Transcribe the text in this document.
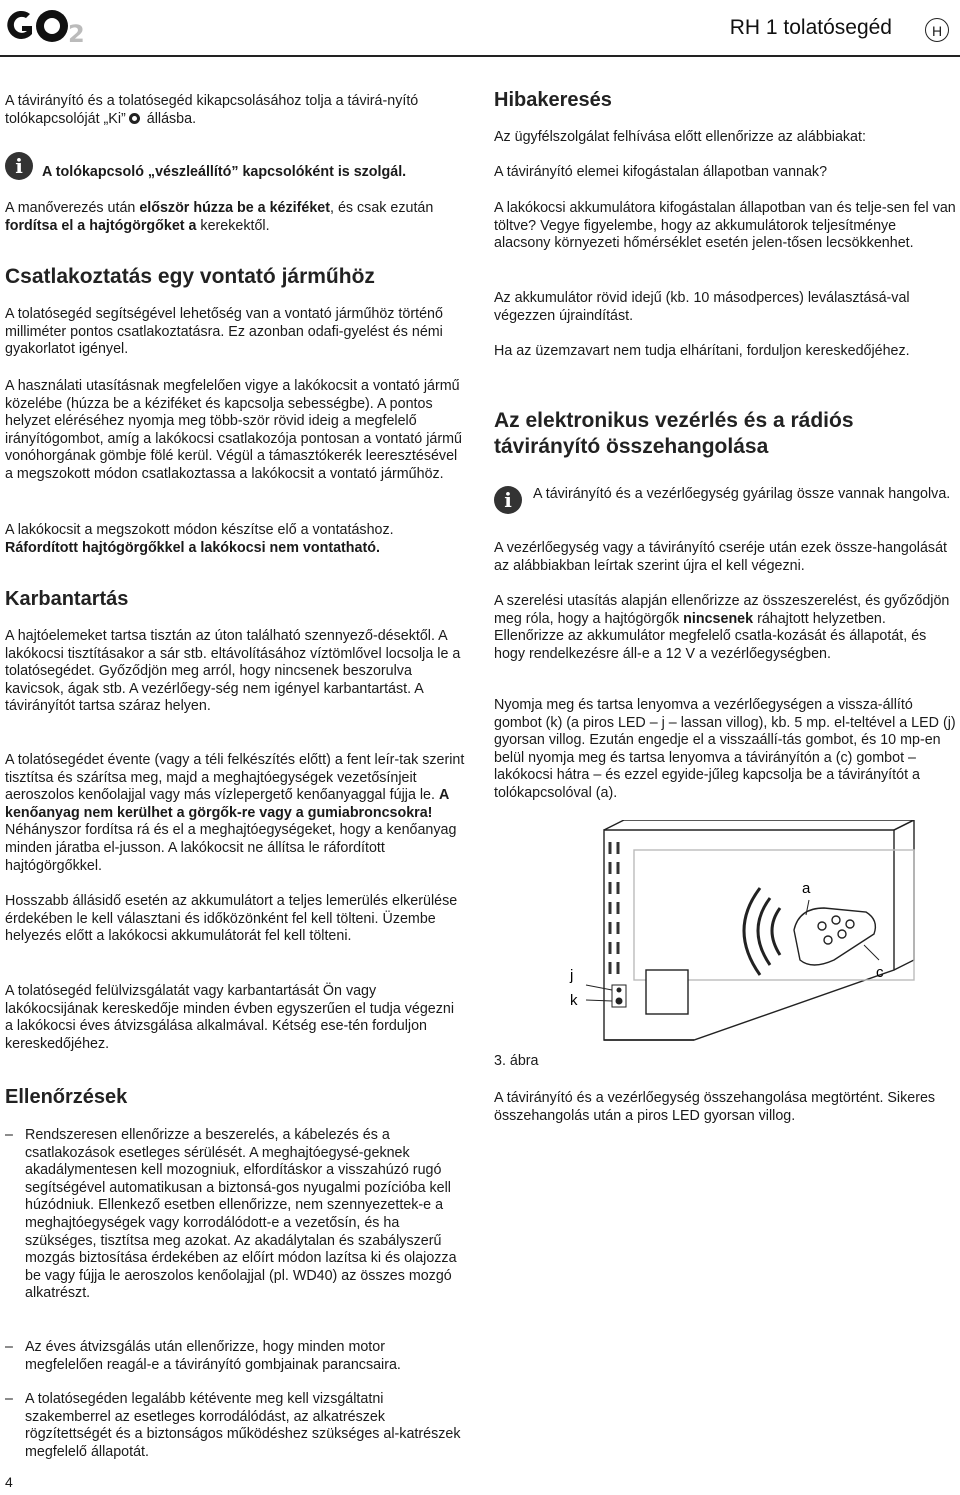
2	RH 1 tolatósegéd	H

A távirányító és a tolatósegéd kikapcsolásához tolja a távirá-nyító tolókapcsolóját „Ki” állásba.

i	A tolókapcsoló „vészleállító” kapcsolóként is szolgál.

A manőverezés után először húzza be a kéziféket, és csak ezután fordítsa el a hajtógörgőket a kerekektől.

Csatlakoztatás egy vontató járműhöz

A tolatósegéd segítségével lehetőség van a vontató járműhöz történő milliméter pontos csatlakoztatásra. Ez azonban odafi-gyelést és némi gyakorlatot igényel.

A használati utasításnak megfelelően vigye a lakókocsit a vontató jármű közelébe (húzza be a kéziféket és kapcsolja sebességbe). A pontos helyzet eléréséhez nyomja meg több-ször rövid ideig a megfelelő irányítógombot, amíg a lakókocsi csatlakozója pontosan a vontató jármű vonóhorgának gömbje fölé kerül. Végül a támasztókerék leeresztésével a megszokott módon csatlakoztassa a lakókocsit a vontató járműhöz.

A lakókocsit a megszokott módon készítse elő a vontatáshoz.
Ráfordított hajtógörgőkkel a lakókocsi nem vontatható.

Karbantartás

A hajtóelemeket tartsa tisztán az úton található szennyező-désektől. A lakókocsi tisztításakor a sár stb. eltávolításához víztömlővel locsolja le a tolatósegédet. Győződjön meg arról, hogy nincsenek beszorulva kavicsok, ágak stb. A vezérlőegy-ség nem igényel karbantartást. A távirányítót tartsa száraz helyen.

A tolatósegédet évente (vagy a téli felkészítés előtt) a fent leír-tak szerint tisztítsa és szárítsa meg, majd a meghajtóegységek vezetősínjeit aeroszolos kenőolajjal vagy más vízlepergető kenőanyaggal fújja le. A kenőanyag nem kerülhet a görgők-re vagy a gumiabroncsokra! Néhányszor fordítsa rá és el a meghajtóegységeket, hogy a kenőanyag minden járatba el-jusson. A lakókocsit ne állítsa le ráfordított hajtógörgőkkel.

Hosszabb állásidő esetén az akkumulátort a teljes lemerülés elkerülése érdekében le kell választani és időközönként fel kell tölteni. Üzembe helyezés előtt a lakókocsi akkumulátorát fel kell tölteni.

A tolatósegéd felülvizsgálatát vagy karbantartását Ön vagy lakókocsijának kereskedője minden évben egyszerűen el tudja végezni a lakókocsi éves átvizsgálása alkalmával. Kétség ese-tén forduljon kereskedőjéhez.

Ellenőrzések
– Rendszeresen ellenőrizze a beszerelés, a kábelezés és a csatlakozások esetleges sérülését. A meghajtóegysé-geknek akadálymentesen kell mozogniuk, elfordításkor a visszahúzó rugó segítségével automatikusan a biztonsá-gos nyugalmi pozícióba kell húzódniuk. Ellenkező esetben ellenőrizze, nem szennyezettek-e a meghajtóegységek vagy korrodálódott-e a vezetősín, és ha szükséges, tisztítsa meg azokat. Az akadálytalan és szabályszerű mozgás biztosítása érdekében az előírt módon lazítsa ki és olajozza be vagy fújja le aeroszolos kenőolajjal (pl. WD40) az összes mozgó alkatrészt.
– Az éves átvizsgálás után ellenőrizze, hogy minden motor megfelelően reagál-e a távirányító gombjainak parancsaira.
– A tolatósegéden legalább kétévente meg kell vizsgáltatni szakemberrel az esetleges korrodálódást, az alkatrészek rögzítettségét és a biztonságos működéshez szükséges al-katrészek megfelelő állapotát.
4
Hibakeresés

Az ügyfélszolgálat felhívása előtt ellenőrizze az alábbiakat:

A távirányító elemei kifogástalan állapotban vannak?

A lakókocsi akkumulátora kifogástalan állapotban van és telje-sen fel van töltve? Vegye figyelembe, hogy az akkumulátorok teljesítménye alacsony környezeti hőmérséklet esetén jelen-tősen lecsökkenhet.

Az akkumulátor rövid idejű (kb. 10 másodperces) leválasztásá-val végezzen újraindítást.

Ha az üzemzavart nem tudja elhárítani, forduljon kereskedőjéhez.

Az elektronikus vezérlés és a rádiós távirányító összehangolása
i	A távirányító és a vezérlőegység gyárilag össze vannak hangolva.

A vezérlőegység vagy a távirányító cseréje után ezek össze-hangolását az alábbiakban leírtak szerint újra el kell végezni.

A szerelési utasítás alapján ellenőrizze az összeszerelést, és győződjön meg róla, hogy a hajtógörgők nincsenek ráhajtott helyzetben. Ellenőrizze az akkumulátor megfelelő csatla-kozását és állapotát, és hogy rendelkezésre áll-e a 12 V a vezérlőegységben.

Nyomja meg és tartsa lenyomva a vezérlőegységen a vissza-állító gombot (k) (a piros LED – j – lassan villog), kb. 5 mp. el-teltével a LED (j) gyorsan villog. Ezután engedje el a visszaállí-tás gombot, és 10 mp-en belül nyomja meg és tartsa lenyomva a távirányítón a (c) gombot – lakókocsi hátra – és ezzel egyide-jűleg kapcsolja be a távirányítót a tolókapcsolóval (a).

a
j
k
c
3. ábra

A távirányító és a vezérlőegység összehangolása megtörtént. Sikeres összehangolás után a piros LED gyorsan villog.
